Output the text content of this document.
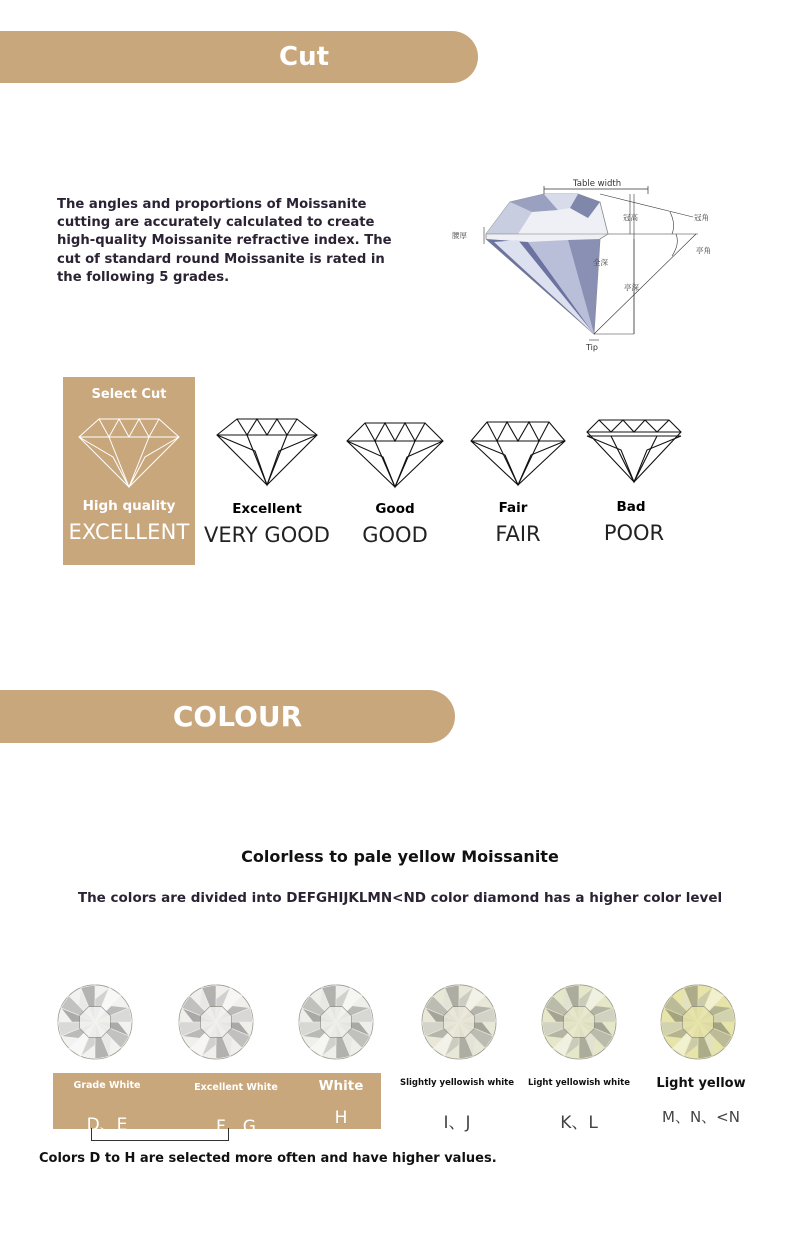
Cut
The angles and proportions of Moissanite cutting are accurately calculated to create high-quality Moissanite refractive index. The cut of standard round Moissanite is rated in the following 5 grades.
Table width
冠高	冠角
腰厚
全深
亭角
亭深
Tip
Select Cut
High quality
EXCELLENT
Excellent
VERY GOOD
Good
GOOD
Fair
FAIR
Bad
POOR
COLOUR
Colorless to pale yellow Moissanite
The colors are divided into DEFGHIJKLMN<ND color diamond has a higher color level
Grade White
D、E
Excellent White
F、G
White
H
Slightly yellowish white
I、J
Light yellowish white
K、L
Light yellow
M、N、<N
Colors D to H are selected more often and have higher values.
